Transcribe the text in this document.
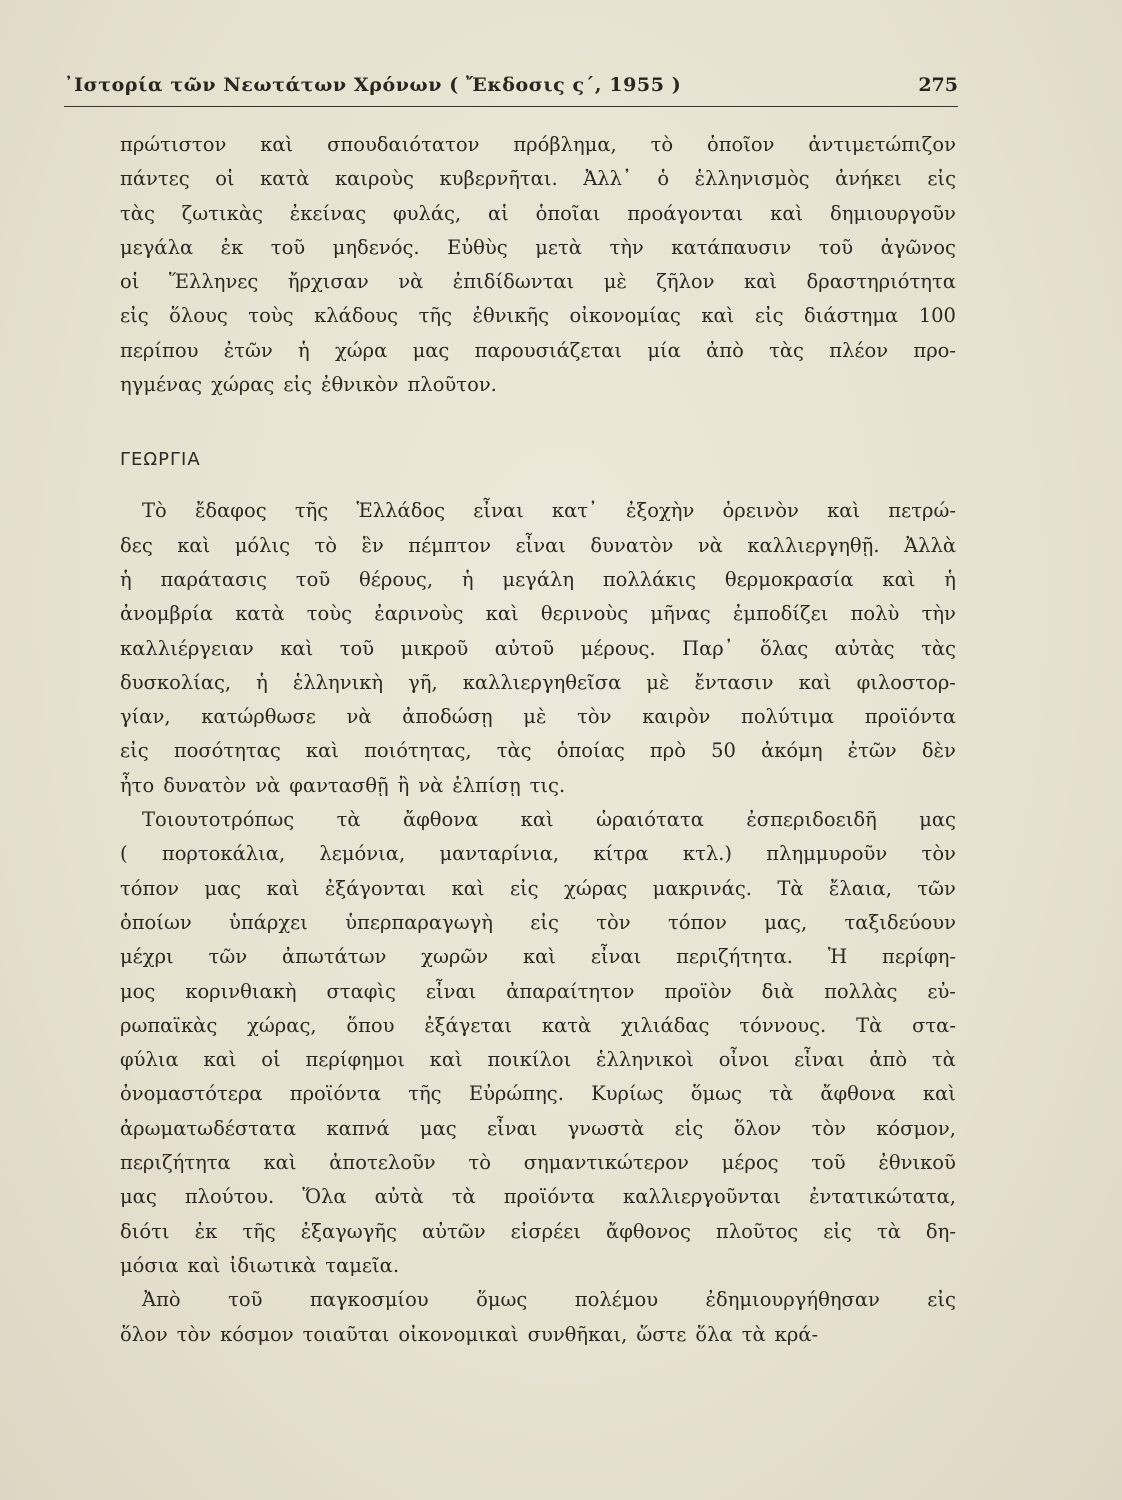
᾿Ιστορία τῶν Νεωτάτων Χρόνων ( Ἔκδοσις ς΄, 1955 )	275
πρώτιστον καὶ σπουδαιότατον πρόβλημα, τὸ ὁποῖον ἀντιμετώπιζον
πάντες οἱ κατὰ καιροὺς κυβερνῆται. Ἀλλ᾿ ὁ ἑλληνισμὸς ἀνήκει εἰς
τὰς ζωτικὰς ἐκείνας φυλάς, αἱ ὁποῖαι προάγονται καὶ δημιουργοῦν
μεγάλα ἐκ τοῦ μηδενός. Εὐθὺς μετὰ τὴν κατάπαυσιν τοῦ ἀγῶνος
οἱ Ἕλληνες ἤρχισαν νὰ ἐπιδίδωνται μὲ ζῆλον καὶ δραστηριότητα
εἰς ὅλους τοὺς κλάδους τῆς ἐθνικῆς οἰκονομίας καὶ εἰς διάστημα 100
περίπου ἐτῶν ἡ χώρα μας παρουσιάζεται μία ἀπὸ τὰς πλέον προ-
ηγμένας χώρας εἰς ἐθνικὸν πλοῦτον.
ΓΕΩΡΓΙΑ
Τὸ ἔδαφος τῆς Ἑλλάδος εἶναι κατ᾿ ἐξοχὴν ὀρεινὸν καὶ πετρώ-
δες καὶ μόλις τὸ ἓν πέμπτον εἶναι δυνατὸν νὰ καλλιεργηθῇ. Ἀλλὰ
ἡ παράτασις τοῦ θέρους, ἡ μεγάλη πολλάκις θερμοκρασία καὶ ἡ
ἀνομβρία κατὰ τοὺς ἐαρινοὺς καὶ θερινοὺς μῆνας ἐμποδίζει πολὺ τὴν
καλλιέργειαν καὶ τοῦ μικροῦ αὐτοῦ μέρους. Παρ᾿ ὅλας αὐτὰς τὰς
δυσκολίας, ἡ ἑλληνικὴ γῆ, καλλιεργηθεῖσα μὲ ἔντασιν καὶ φιλοστορ-
γίαν, κατώρθωσε νὰ ἀποδώσῃ μὲ τὸν καιρὸν πολύτιμα προϊόντα
εἰς ποσότητας καὶ ποιότητας, τὰς ὁποίας πρὸ 50 ἀκόμη ἐτῶν δὲν
ἦτο δυνατὸν νὰ φαντασθῇ ἢ νὰ ἐλπίσῃ τις.
Τοιουτοτρόπως τὰ ἄφθονα καὶ ὡραιότατα ἐσπεριδοειδῆ μας
( πορτοκάλια, λεμόνια, μανταρίνια, κίτρα κτλ.) πλημμυροῦν τὸν
τόπον μας καὶ ἐξάγονται καὶ εἰς χώρας μακρινάς. Τὰ ἔλαια, τῶν
ὁποίων ὑπάρχει ὑπερπαραγωγὴ εἰς τὸν τόπον μας, ταξιδεύουν
μέχρι τῶν ἀπωτάτων χωρῶν καὶ εἶναι περιζήτητα. Ἡ περίφη-
μος κορινθιακὴ σταφὶς εἶναι ἀπαραίτητον προϊὸν διὰ πολλὰς εὐ-
ρωπαϊκὰς χώρας, ὅπου ἐξάγεται κατὰ χιλιάδας τόννους. Τὰ στα-
φύλια καὶ οἱ περίφημοι καὶ ποικίλοι ἑλληνικοὶ οἶνοι εἶναι ἀπὸ τὰ
ὀνομαστότερα προϊόντα τῆς Εὐρώπης. Κυρίως ὅμως τὰ ἄφθονα καὶ
ἀρωματωδέστατα καπνά μας εἶναι γνωστὰ εἰς ὅλον τὸν κόσμον,
περιζήτητα καὶ ἀποτελοῦν τὸ σημαντικώτερον μέρος τοῦ ἐθνικοῦ
μας πλούτου. Ὅλα αὐτὰ τὰ προϊόντα καλλιεργοῦνται ἐντατικώτατα,
διότι ἐκ τῆς ἐξαγωγῆς αὐτῶν εἰσρέει ἄφθονος πλοῦτος εἰς τὰ δη-
μόσια καὶ ἰδιωτικὰ ταμεῖα.
Ἀπὸ τοῦ παγκοσμίου ὅμως πολέμου ἐδημιουργήθησαν εἰς
ὅλον τὸν κόσμον τοιαῦται οἰκονομικαὶ συνθῆκαι, ὥστε ὅλα τὰ κρά-
